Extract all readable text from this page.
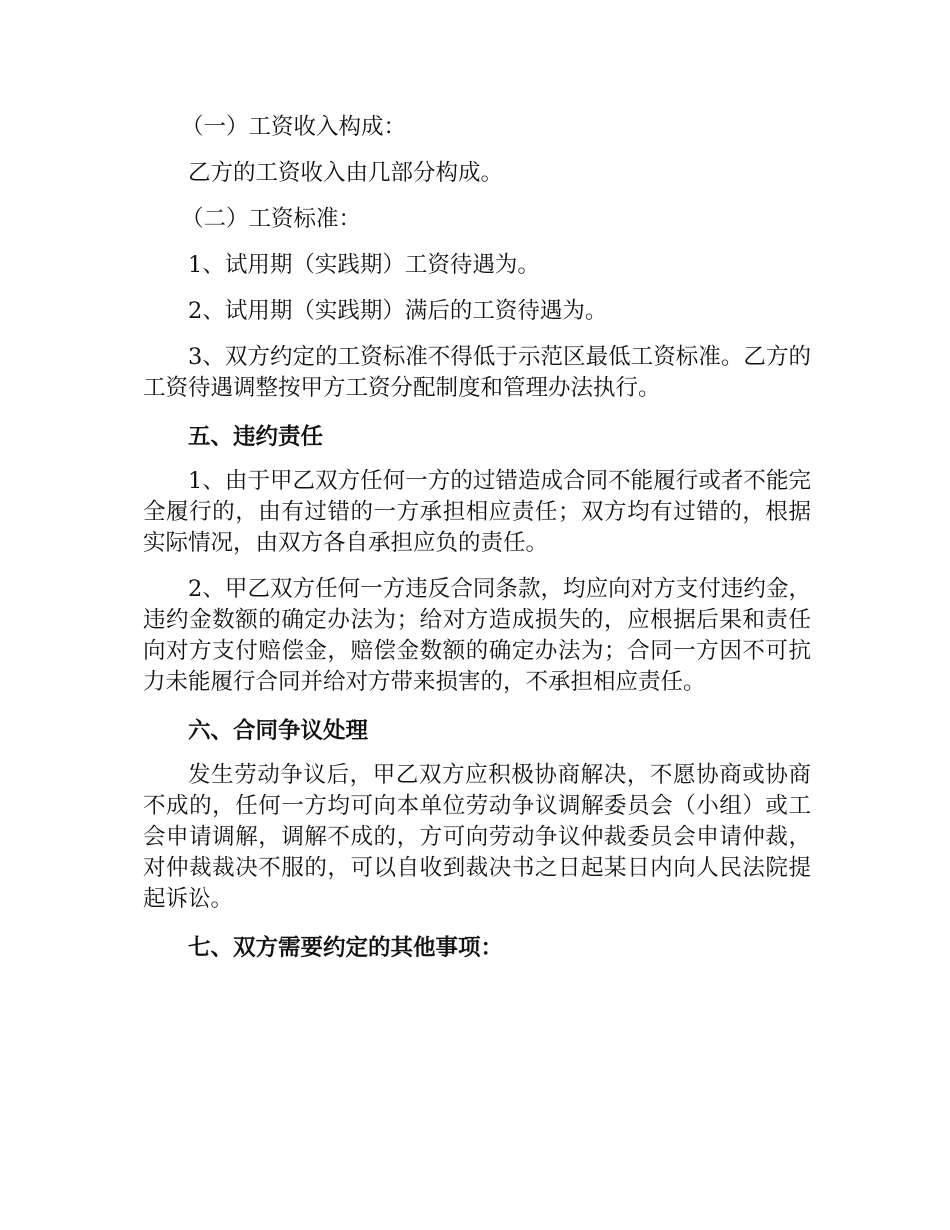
（一）工资收入构成：

乙方的工资收入由几部分构成。

（二）工资标准：

1、试用期（实践期）工资待遇为。

2、试用期（实践期）满后的工资待遇为。

3、双方约定的工资标准不得低于示范区最低工资标准。乙方的工资待遇调整按甲方工资分配制度和管理办法执行。

五、违约责任

1、由于甲乙双方任何一方的过错造成合同不能履行或者不能完全履行的，由有过错的一方承担相应责任；双方均有过错的，根据实际情况，由双方各自承担应负的责任。

2、甲乙双方任何一方违反合同条款，均应向对方支付违约金，违约金数额的确定办法为；给对方造成损失的，应根据后果和责任向对方支付赔偿金，赔偿金数额的确定办法为；合同一方因不可抗力未能履行合同并给对方带来损害的，不承担相应责任。

六、合同争议处理

发生劳动争议后，甲乙双方应积极协商解决，不愿协商或协商不成的，任何一方均可向本单位劳动争议调解委员会（小组）或工会申请调解，调解不成的，方可向劳动争议仲裁委员会申请仲裁，对仲裁裁决不服的，可以自收到裁决书之日起某日内向人民法院提起诉讼。

七、双方需要约定的其他事项：
